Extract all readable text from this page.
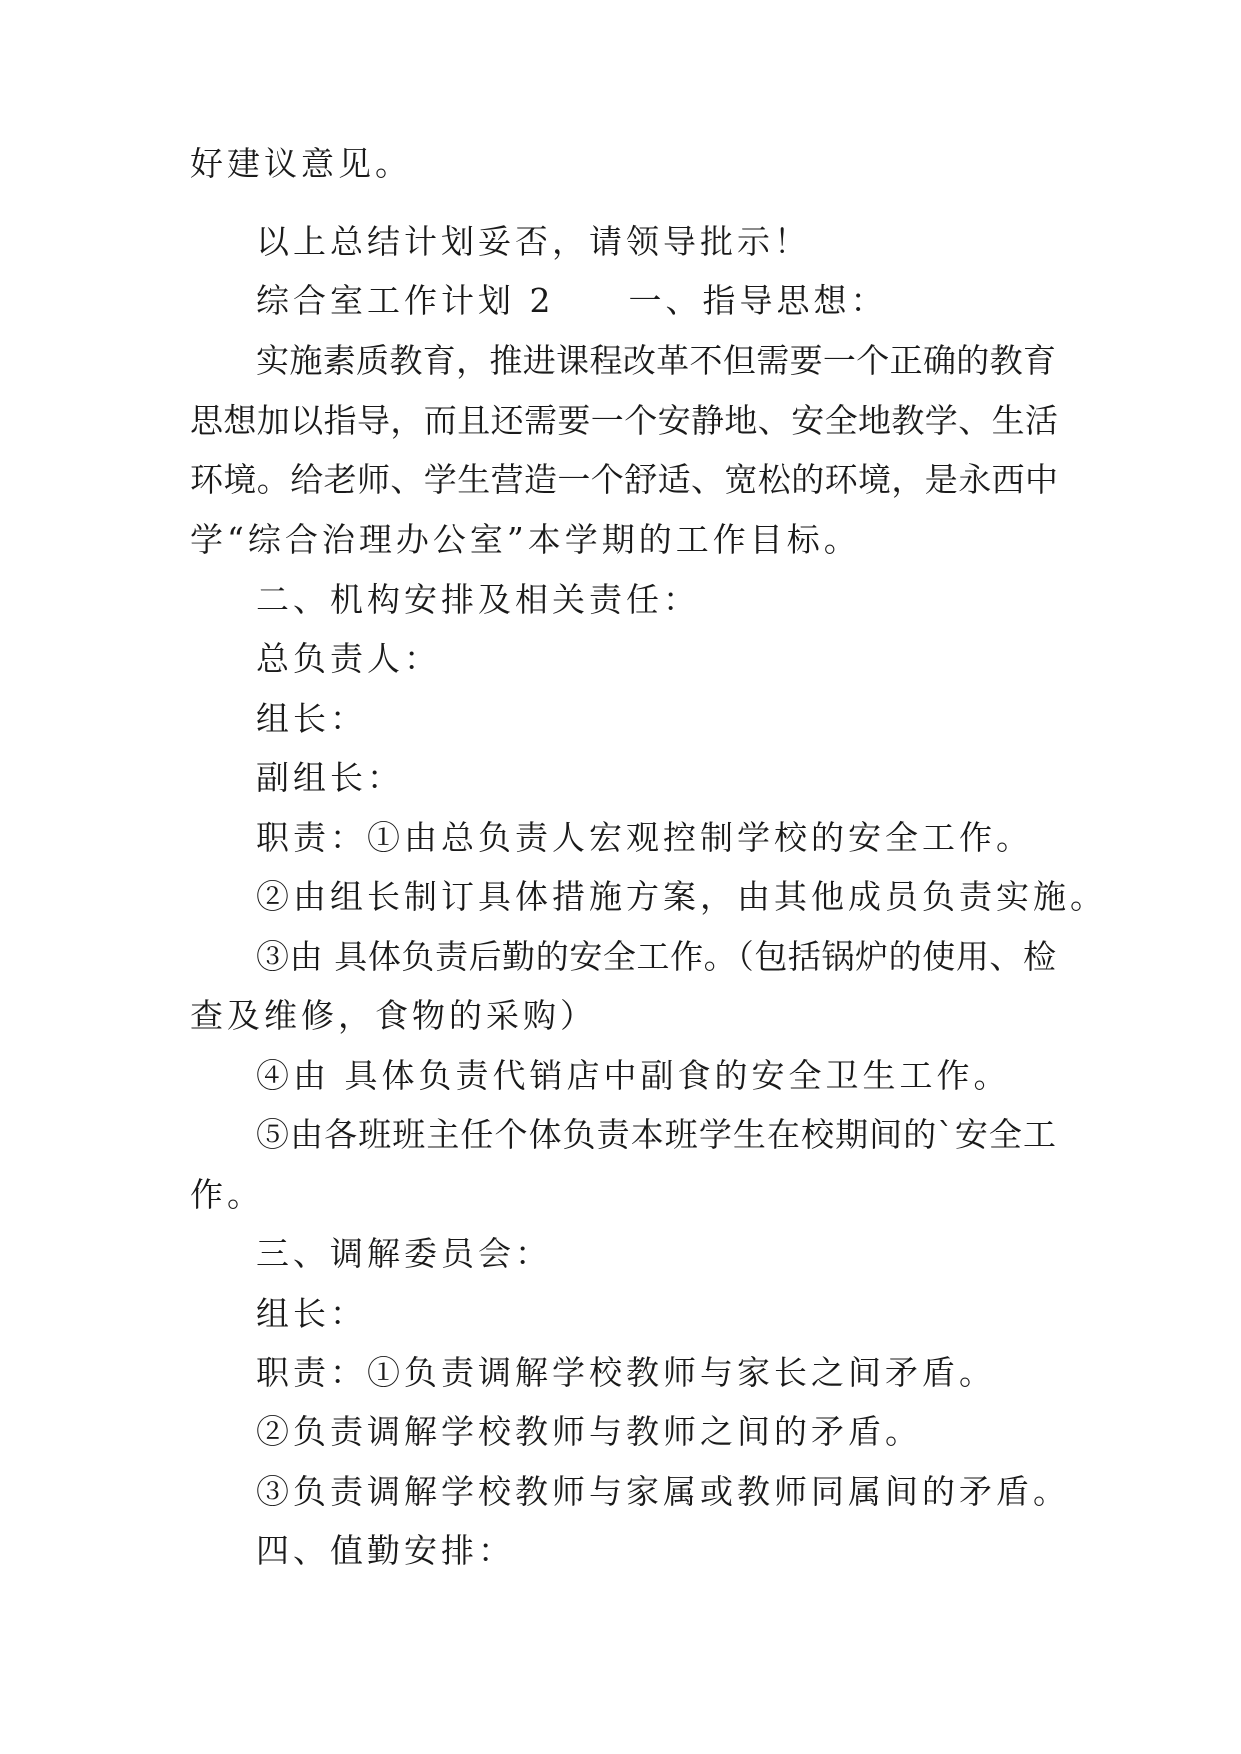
好建议意见。
以上总结计划妥否，请领导批示！
综合室工作计划 2　　一、指导思想：
实施素质教育，推进课程改革不但需要一个正确的教育
思想加以指导，而且还需要一个安静地、安全地教学、生活
环境。给老师、学生营造一个舒适、宽松的环境，是永西中
学“综合治理办公室”本学期的工作目标。
二、机构安排及相关责任：
总负责人：
组长：
副组长：
职责：①由总负责人宏观控制学校的安全工作。
②由组长制订具体措施方案，由其他成员负责实施。
③由 具体负责后勤的安全工作。（包括锅炉的使用、检
查及维修，食物的采购）
④由 具体负责代销店中副食的安全卫生工作。
⑤由各班班主任个体负责本班学生在校期间的`安全工
作。
三、调解委员会：
组长：
职责：①负责调解学校教师与家长之间矛盾。
②负责调解学校教师与教师之间的矛盾。
③负责调解学校教师与家属或教师同属间的矛盾。
四、值勤安排：
